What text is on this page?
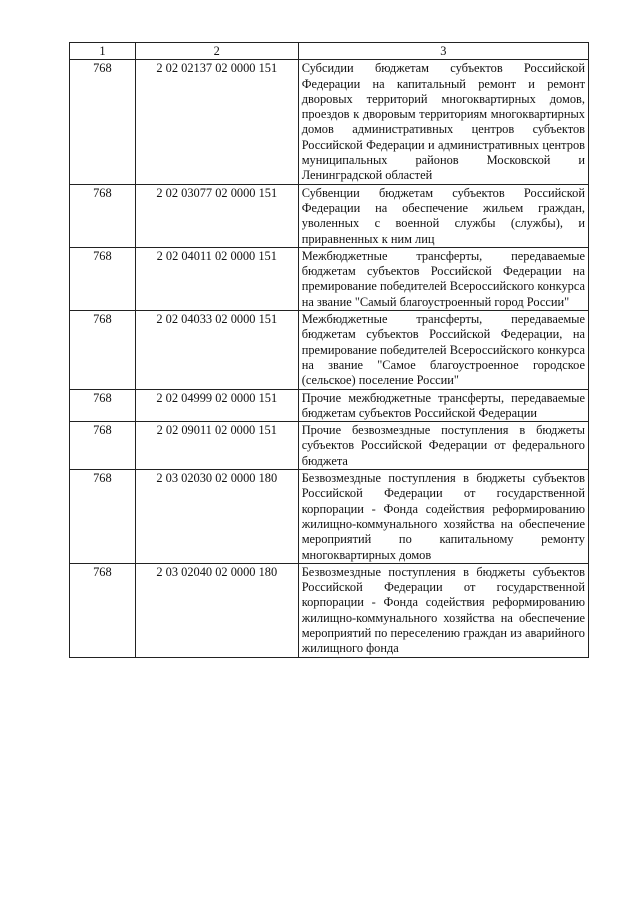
1	2	3
768	2 02 02137 02 0000 151	Субсидии бюджетам субъектов Российской Федерации на капитальный ремонт и ремонт дворовых территорий многоквартирных домов, проездов к дворовым территориям многоквартирных домов административных центров субъектов Российской Федерации и административных центров муниципальных районов Московской и Ленинградской областей
768	2 02 03077 02 0000 151	Субвенции бюджетам субъектов Российской Федерации на обеспечение жильем граждан, уволенных с военной службы (службы), и приравненных к ним лиц
768	2 02 04011 02 0000 151	Межбюджетные трансферты, передаваемые бюджетам субъектов Российской Федерации на премирование победителей Всероссийского конкурса на звание "Самый благоустроенный город России"
768	2 02 04033 02 0000 151	Межбюджетные трансферты, передаваемые бюджетам субъектов Российской Федерации, на премирование победителей Всероссийского конкурса на звание "Самое благоустроенное городское (сельское) поселение России"
768	2 02 04999 02 0000 151	Прочие межбюджетные трансферты, передаваемые бюджетам субъектов Российской Федерации
768	2 02 09011 02 0000 151	Прочие безвозмездные поступления в бюджеты субъектов Российской Федерации от федерального бюджета
768	2 03 02030 02 0000 180	Безвозмездные поступления в бюджеты субъектов Российской Федерации от государственной корпорации - Фонда содействия реформированию жилищно-коммунального хозяйства на обеспечение мероприятий по капитальному ремонту многоквартирных домов
768	2 03 02040 02 0000 180	Безвозмездные поступления в бюджеты субъектов Российской Федерации от государственной корпорации - Фонда содействия реформированию жилищно-коммунального хозяйства на обеспечение мероприятий по переселению граждан из аварийного жилищного фонда
